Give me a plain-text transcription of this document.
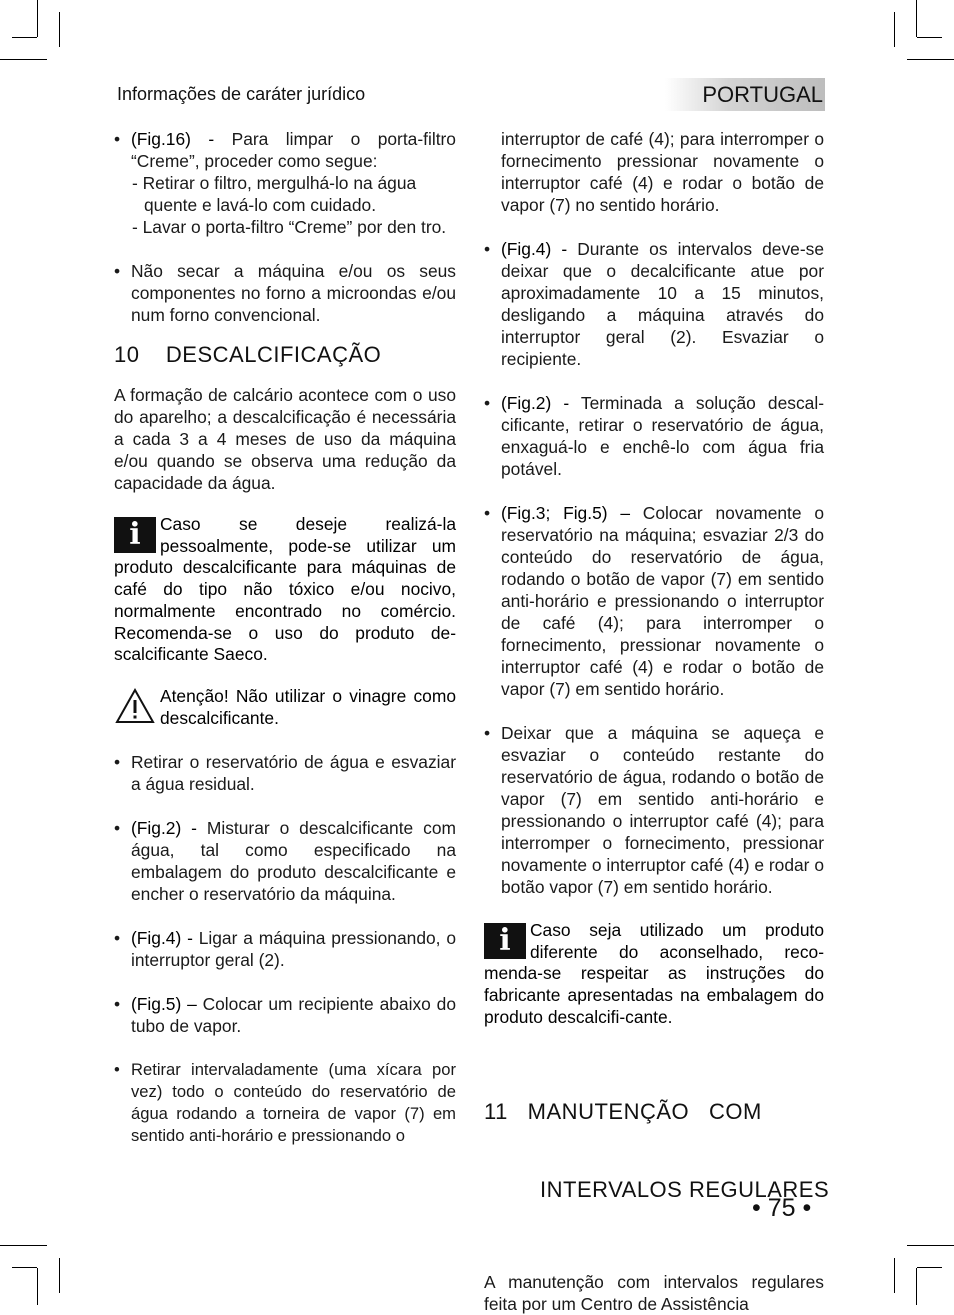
Informações de caráter jurídico	PORTUGAL

• (Fig.16) - Para limpar o porta-filtro “Creme”, proceder como segue:

- Retirar o filtro, mergulhá-lo na água quente e lavá-lo com cuidado.

- Lavar o porta-filtro “Creme” por den tro.

• Não secar a máquina e/ou os seus componentes no forno a microondas e/ou num forno convencional.

10    DESCALCIFICAÇÃO

A formação de calcário acontece com o uso do aparelho; a descalcificação é necessária a cada 3 a 4 meses de uso da máquina e/ou quando se observa uma redução da capacidade da água.

i	Caso se deseje realizá-la pessoalmente, pode-se utilizar um produto descalcificante para máquinas de café do tipo não tóxico e/ou nocivo, normalmente encontrado no comércio. Recomenda-se o uso do produto de-scalcificante Saeco.
Atenção! Não utilizar o vinagre como descalcificante.

• Retirar o reservatório de água e esvaziar a água residual.

• (Fig.2) - Misturar o descalcificante com água, tal como especificado na embalagem do produto descalcificante e encher o reservatório da máquina.

• (Fig.4) - Ligar a máquina pressionando, o interruptor geral (2).

• (Fig.5) – Colocar um recipiente abaixo do tubo de vapor.

• Retirar intervaladamente (uma xícara por vez) todo o conteúdo do reservatório de água rodando a torneira de vapor (7) em sentido anti-horário e pressionando o

interruptor de café (4); para interromper o fornecimento pressionar novamente o interruptor café (4) e rodar o botão de vapor (7) no sentido horário.

• (Fig.4) - Durante os intervalos deve-se deixar que o decalcificante atue por aproximadamente 10 a 15 minutos, desligando a máquina através do interruptor geral (2). Esvaziar o recipiente.

• (Fig.2) - Terminada a solução descal-cificante, retirar o reservatório de água, enxaguá-lo e enchê-lo com água fria potável.

• (Fig.3; Fig.5) – Colocar novamente o reservatório na máquina; esvaziar 2/3 do conteúdo do reservatório de água, rodando o botão de vapor (7) em sentido anti-horário e pressionando o interruptor de café (4); para interromper o fornecimento, pressionar novamente o interruptor café (4) e rodar o botão de vapor (7) em sentido horário.

• Deixar que a máquina se aqueça e esvaziar o conteúdo restante do reservatório de água, rodando o botão de vapor (7) em sentido anti-horário e pressionando o interruptor café (4); para interromper o fornecimento, pressionar novamente o interruptor café (4) e rodar o botão vapor (7) em sentido horário.

i	Caso seja utilizado um produto diferente do aconselhado, reco-menda-se respeitar as instruções do fabricante apresentadas na embalagem do produto descalcifi-cante.

11   MANUTENÇÃO   COM

INTERVALOS REGULARES

A manutenção com intervalos regulares feita por um Centro de Assistência

• 75 •
